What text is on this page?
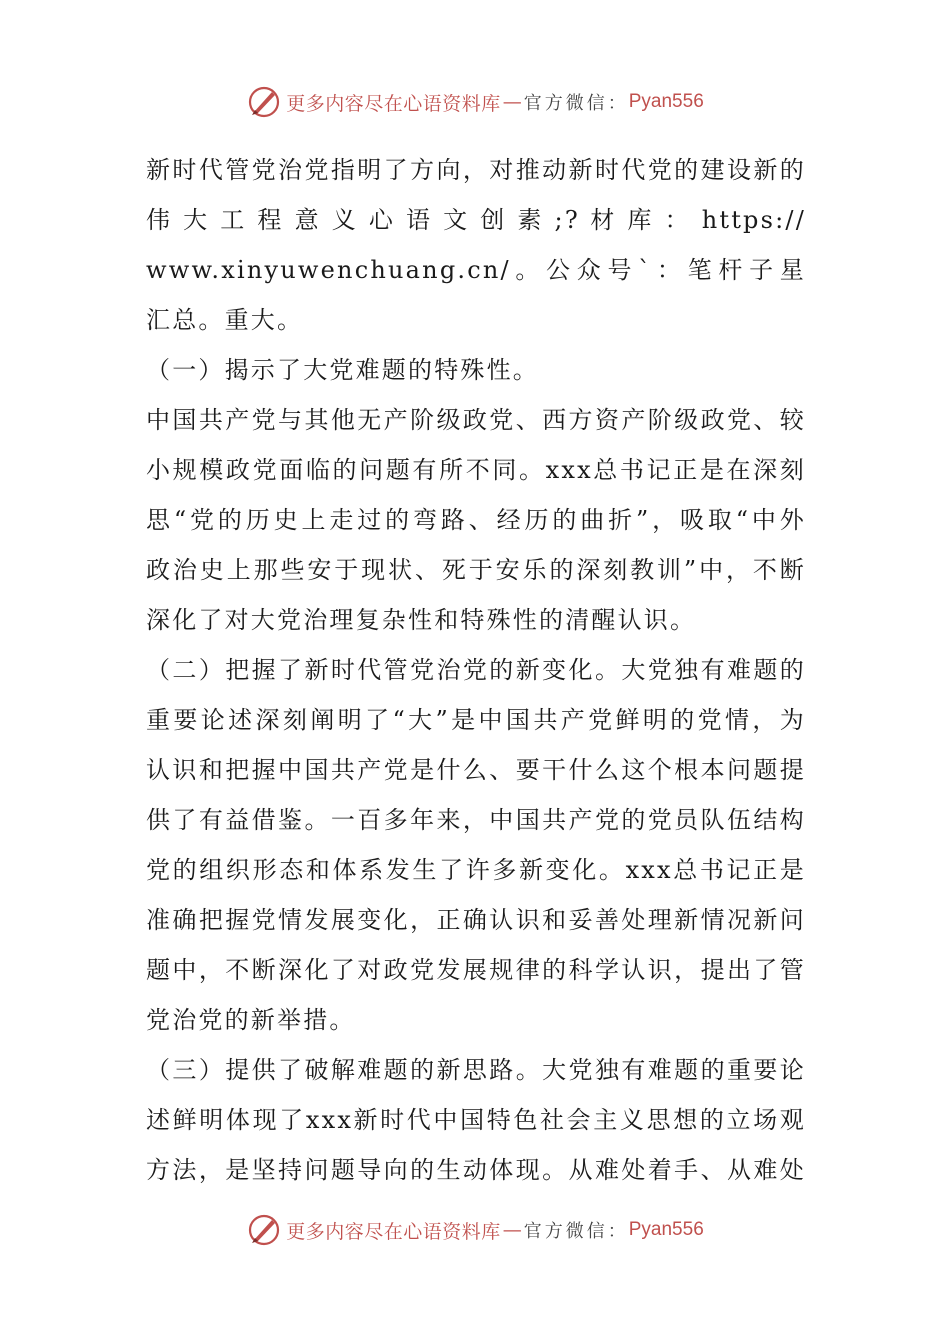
更多内容尽在心语资料库 — 官方微信： Pyan556
新时代管党治党指明了方向，对推动新时代党的建设新的
伟 大 工 程 意 义 心 语 文 创 素 ;? 材 库 ： https://
www.xinyuwenchuang.cn/。公众号`：笔杆子星
汇总。重大。
（一）揭示了大党难题的特殊性。
中国共产党与其他无产阶级政党、西方资产阶级政党、较
小规模政党面临的问题有所不同。xxx总书记正是在深刻
思“党的历史上走过的弯路、经历的曲折”，吸取“中外
政治史上那些安于现状、死于安乐的深刻教训”中，不断
深化了对大党治理复杂性和特殊性的清醒认识。
（二）把握了新时代管党治党的新变化。大党独有难题的
重要论述深刻阐明了“大”是中国共产党鲜明的党情，为
认识和把握中国共产党是什么、要干什么这个根本问题提
供了有益借鉴。一百多年来，中国共产党的党员队伍结构
党的组织形态和体系发生了许多新变化。xxx总书记正是
准确把握党情发展变化，正确认识和妥善处理新情况新问
题中，不断深化了对政党发展规律的科学认识，提出了管
党治党的新举措。
（三）提供了破解难题的新思路。大党独有难题的重要论
述鲜明体现了xxx新时代中国特色社会主义思想的立场观
方法，是坚持问题导向的生动体现。从难处着手、从难处
更多内容尽在心语资料库 — 官方微信： Pyan556
